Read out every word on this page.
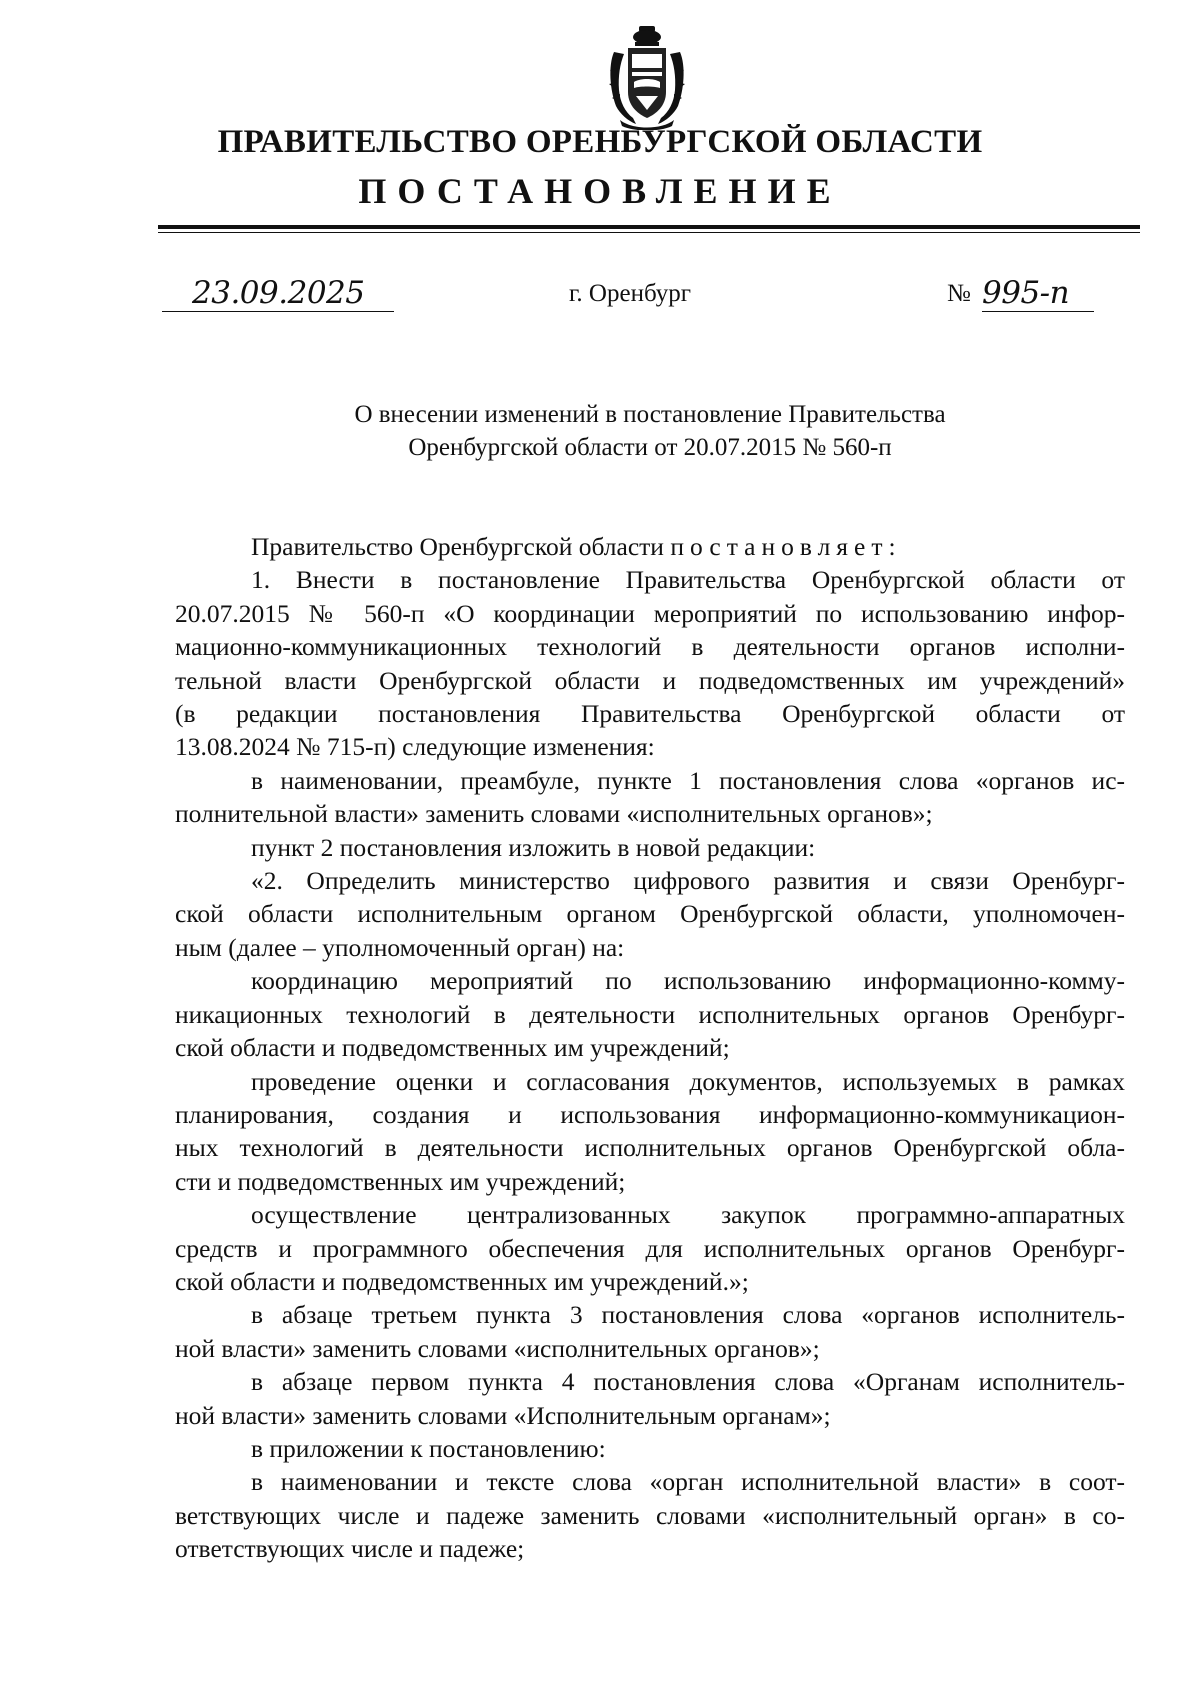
ПРАВИТЕЛЬСТВО ОРЕНБУРГСКОЙ ОБЛАСТИ
ПОСТАНОВЛЕНИЕ
23.09.2025	г. Оренбург	№ 995-п
О внесении изменений в постановление Правительства
Оренбургской области от 20.07.2015 № 560-п
Правительство Оренбургской области постановляет:
1. Внести в постановление Правительства Оренбургской области от
20.07.2015 № 560-п «О координации мероприятий по использованию инфор-
мационно-коммуникационных технологий в деятельности органов исполни-
тельной власти Оренбургской области и подведомственных им учреждений»
(в редакции постановления Правительства Оренбургской области от
13.08.2024 № 715-п) следующие изменения:
в наименовании, преамбуле, пункте 1 постановления слова «органов ис-
полнительной власти» заменить словами «исполнительных органов»;
пункт 2 постановления изложить в новой редакции:
«2. Определить министерство цифрового развития и связи Оренбург-
ской области исполнительным органом Оренбургской области, уполномочен-
ным (далее – уполномоченный орган) на:
координацию мероприятий по использованию информационно-комму-
никационных технологий в деятельности исполнительных органов Оренбург-
ской области и подведомственных им учреждений;
проведение оценки и согласования документов, используемых в рамках
планирования, создания и использования информационно-коммуникацион-
ных технологий в деятельности исполнительных органов Оренбургской обла-
сти и подведомственных им учреждений;
осуществление централизованных закупок программно-аппаратных
средств и программного обеспечения для исполнительных органов Оренбург-
ской области и подведомственных им учреждений.»;
в абзаце третьем пункта 3 постановления слова «органов исполнитель-
ной власти» заменить словами «исполнительных органов»;
в абзаце первом пункта 4 постановления слова «Органам исполнитель-
ной власти» заменить словами «Исполнительным органам»;
в приложении к постановлению:
в наименовании и тексте слова «орган исполнительной власти» в соот-
ветствующих числе и падеже заменить словами «исполнительный орган» в со-
ответствующих числе и падеже;
